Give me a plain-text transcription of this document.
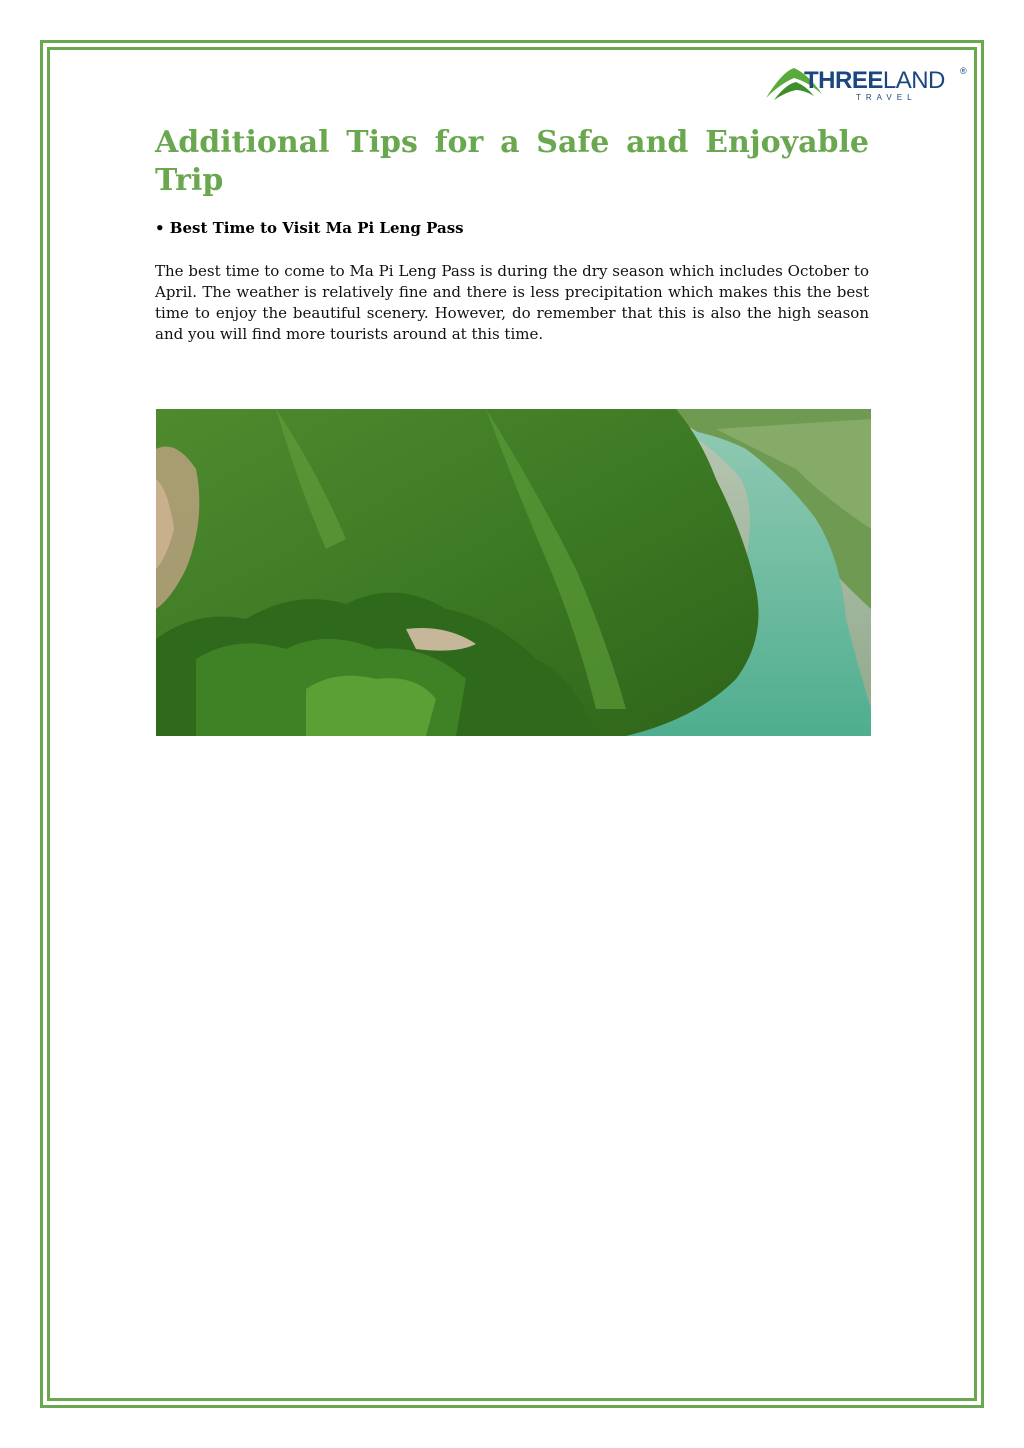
THREELAND ®
TRAVEL
Additional Tips for a Safe and Enjoyable
Trip

• Best Time to Visit Ma Pi Leng Pass

The best time to come to Ma Pi Leng Pass is during the dry season which includes October to April. The weather is relatively fine and there is less precipitation which makes this the best time to enjoy the beautiful scenery. However, do remember that this is also the high season and you will find more tourists around at this time.
